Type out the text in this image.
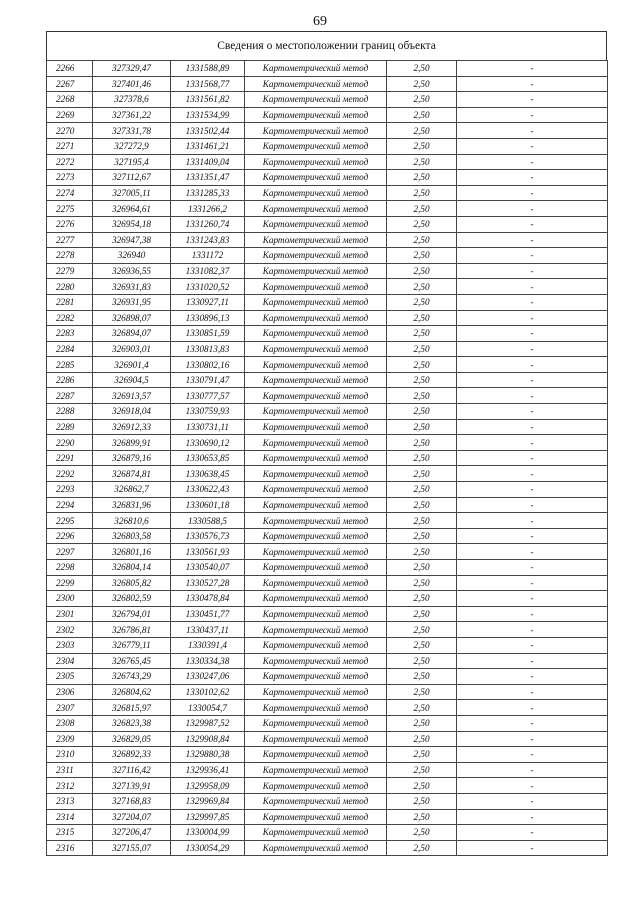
69
Сведения о местоположении границ объекта
2266	327329,47	1331588,89	Картометрический метод	2,50	-
2267	327401,46	1331568,77	Картометрический метод	2,50	-
2268	327378,6	1331561,82	Картометрический метод	2,50	-
2269	327361,22	1331534,99	Картометрический метод	2,50	-
2270	327331,78	1331502,44	Картометрический метод	2,50	-
2271	327272,9	1331461,21	Картометрический метод	2,50	-
2272	327195,4	1331409,04	Картометрический метод	2,50	-
2273	327112,67	1331351,47	Картометрический метод	2,50	-
2274	327005,11	1331285,33	Картометрический метод	2,50	-
2275	326964,61	1331266,2	Картометрический метод	2,50	-
2276	326954,18	1331260,74	Картометрический метод	2,50	-
2277	326947,38	1331243,83	Картометрический метод	2,50	-
2278	326940	1331172	Картометрический метод	2,50	-
2279	326936,55	1331082,37	Картометрический метод	2,50	-
2280	326931,83	1331020,52	Картометрический метод	2,50	-
2281	326931,95	1330927,11	Картометрический метод	2,50	-
2282	326898,07	1330896,13	Картометрический метод	2,50	-
2283	326894,07	1330851,59	Картометрический метод	2,50	-
2284	326903,01	1330813,83	Картометрический метод	2,50	-
2285	326901,4	1330802,16	Картометрический метод	2,50	-
2286	326904,5	1330791,47	Картометрический метод	2,50	-
2287	326913,57	1330777,57	Картометрический метод	2,50	-
2288	326918,04	1330759,93	Картометрический метод	2,50	-
2289	326912,33	1330731,11	Картометрический метод	2,50	-
2290	326899,91	1330690,12	Картометрический метод	2,50	-
2291	326879,16	1330653,85	Картометрический метод	2,50	-
2292	326874,81	1330638,45	Картометрический метод	2,50	-
2293	326862,7	1330622,43	Картометрический метод	2,50	-
2294	326831,96	1330601,18	Картометрический метод	2,50	-
2295	326810,6	1330588,5	Картометрический метод	2,50	-
2296	326803,58	1330576,73	Картометрический метод	2,50	-
2297	326801,16	1330561,93	Картометрический метод	2,50	-
2298	326804,14	1330540,07	Картометрический метод	2,50	-
2299	326805,82	1330527,28	Картометрический метод	2,50	-
2300	326802,59	1330478,84	Картометрический метод	2,50	-
2301	326794,01	1330451,77	Картометрический метод	2,50	-
2302	326786,81	1330437,11	Картометрический метод	2,50	-
2303	326779,11	1330391,4	Картометрический метод	2,50	-
2304	326765,45	1330334,38	Картометрический метод	2,50	-
2305	326743,29	1330247,06	Картометрический метод	2,50	-
2306	326804,62	1330102,62	Картометрический метод	2,50	-
2307	326815,97	1330054,7	Картометрический метод	2,50	-
2308	326823,38	1329987,52	Картометрический метод	2,50	-
2309	326829,05	1329908,84	Картометрический метод	2,50	-
2310	326892,33	1329880,38	Картометрический метод	2,50	-
2311	327116,42	1329936,41	Картометрический метод	2,50	-
2312	327139,91	1329958,09	Картометрический метод	2,50	-
2313	327168,83	1329969,84	Картометрический метод	2,50	-
2314	327204,07	1329997,85	Картометрический метод	2,50	-
2315	327206,47	1330004,99	Картометрический метод	2,50	-
2316	327155,07	1330054,29	Картометрический метод	2,50	-
